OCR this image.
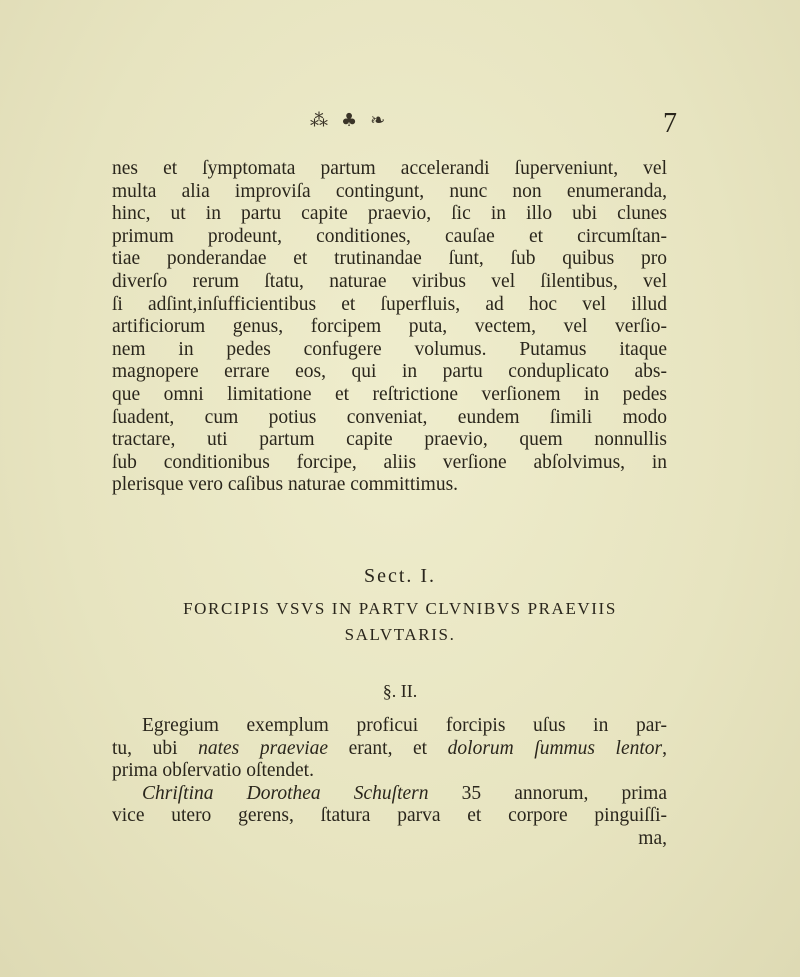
⁂ ♣ ❧	7
nes et ſymptomata partum accelerandi ſuperveniunt, vel
multa alia improviſa contingunt, nunc non enumeranda,
hinc, ut in partu capite praevio, ſic in illo ubi clunes
primum prodeunt, conditiones, cauſae et circumſtan-
tiae ponderandae et trutinandae ſunt, ſub quibus pro
diverſo rerum ſtatu, naturae viribus vel ſilentibus, vel
ſi adſint,inſufficientibus et ſuperfluis, ad hoc vel illud
artificiorum genus, forcipem puta, vectem, vel verſio-
nem in pedes confugere volumus. Putamus itaque
magnopere errare eos, qui in partu conduplicato abs-
que omni limitatione et reſtrictione verſionem in pedes
ſuadent, cum potius conveniat, eundem ſimili modo
tractare, uti partum capite praevio, quem nonnullis
ſub conditionibus forcipe, aliis verſione abſolvimus, in
plerisque vero caſibus naturae committimus.
Sect. I.
FORCIPIS VSVS IN PARTV CLVNIBVS PRAEVIIS
SALVTARIS.
§. II.
Egregium exemplum proficui forcipis uſus in par-
tu, ubi nates praeviae erant, et dolorum ſummus lentor,
prima obſervatio oſtendet.
Chriſtina Dorothea Schuſtern 35 annorum, prima
vice utero gerens, ſtatura parva et corpore pinguiſſi-
ma,
